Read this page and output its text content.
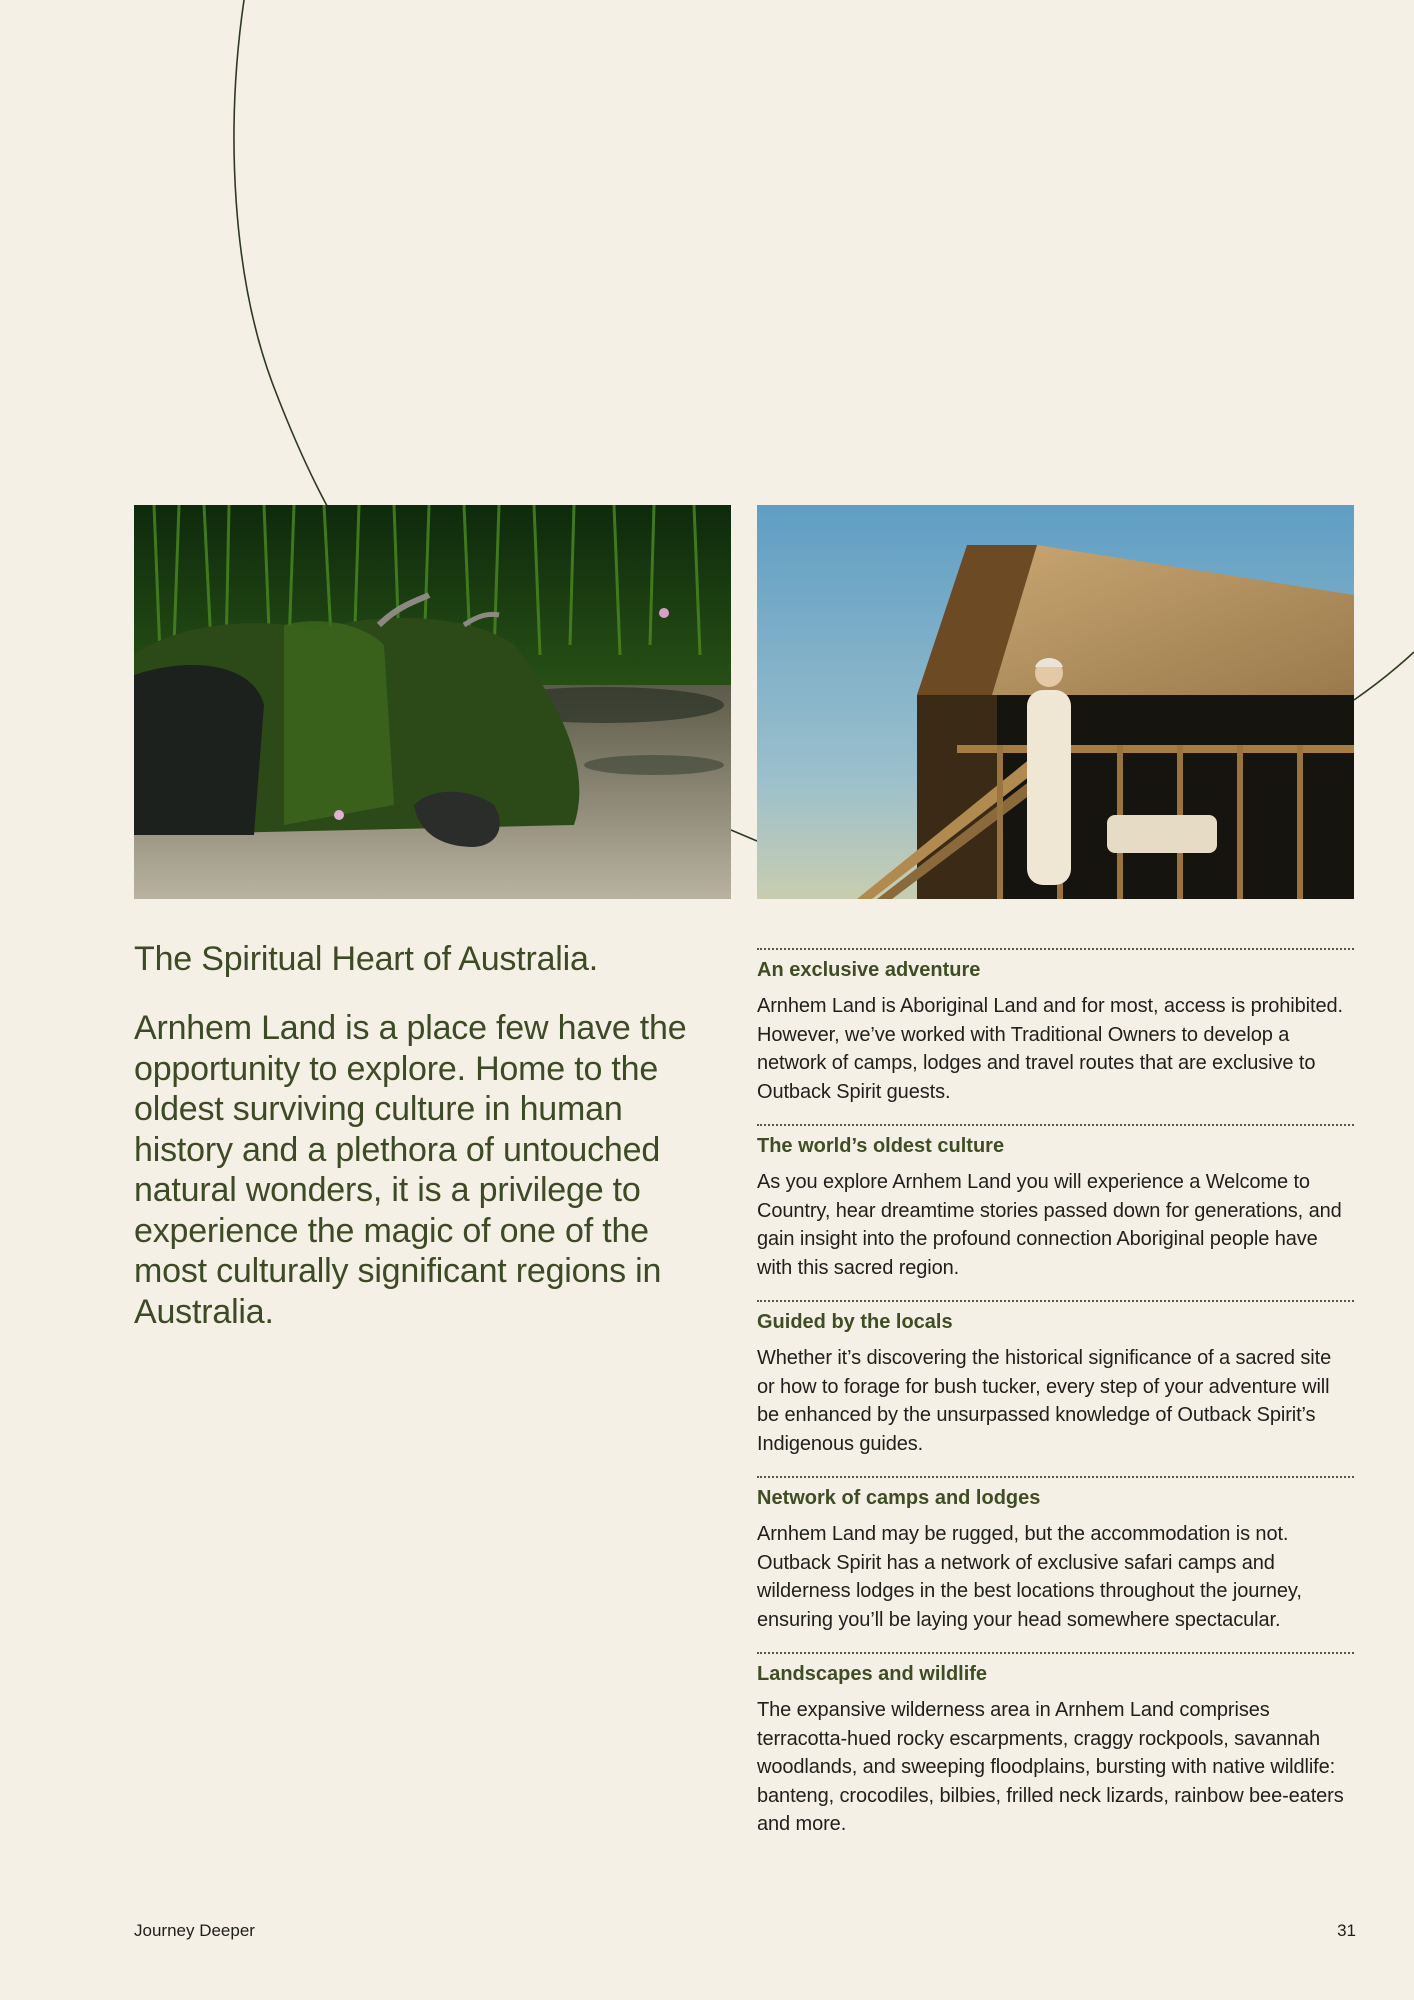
The Spiritual Heart of Australia.

Arnhem Land is a place few have the opportunity to explore. Home to the oldest surviving culture in human history and a plethora of untouched natural wonders, it is a privilege to experience the magic of one of the most culturally significant regions in Australia.

An exclusive adventure

Arnhem Land is Aboriginal Land and for most, access is prohibited. However, we’ve worked with Traditional Owners to develop a network of camps, lodges and travel routes that are exclusive to Outback Spirit guests.

The world’s oldest culture

As you explore Arnhem Land you will experience a Welcome to Country, hear dreamtime stories passed down for generations, and gain insight into the profound connection Aboriginal people have with this sacred region.

Guided by the locals

Whether it’s discovering the historical significance of a sacred site or how to forage for bush tucker, every step of your adventure will be enhanced by the unsurpassed knowledge of Outback Spirit’s Indigenous guides.

Network of camps and lodges

Arnhem Land may be rugged, but the accommodation is not. Outback Spirit has a network of exclusive safari camps and wilderness lodges in the best locations throughout the journey, ensuring you’ll be laying your head somewhere spectacular.

Landscapes and wildlife

The expansive wilderness area in Arnhem Land comprises terracotta-hued rocky escarpments, craggy rockpools, savannah woodlands, and sweeping floodplains, bursting with native wildlife: banteng, crocodiles, bilbies, frilled neck lizards, rainbow bee-eaters and more.

Journey Deeper	31
